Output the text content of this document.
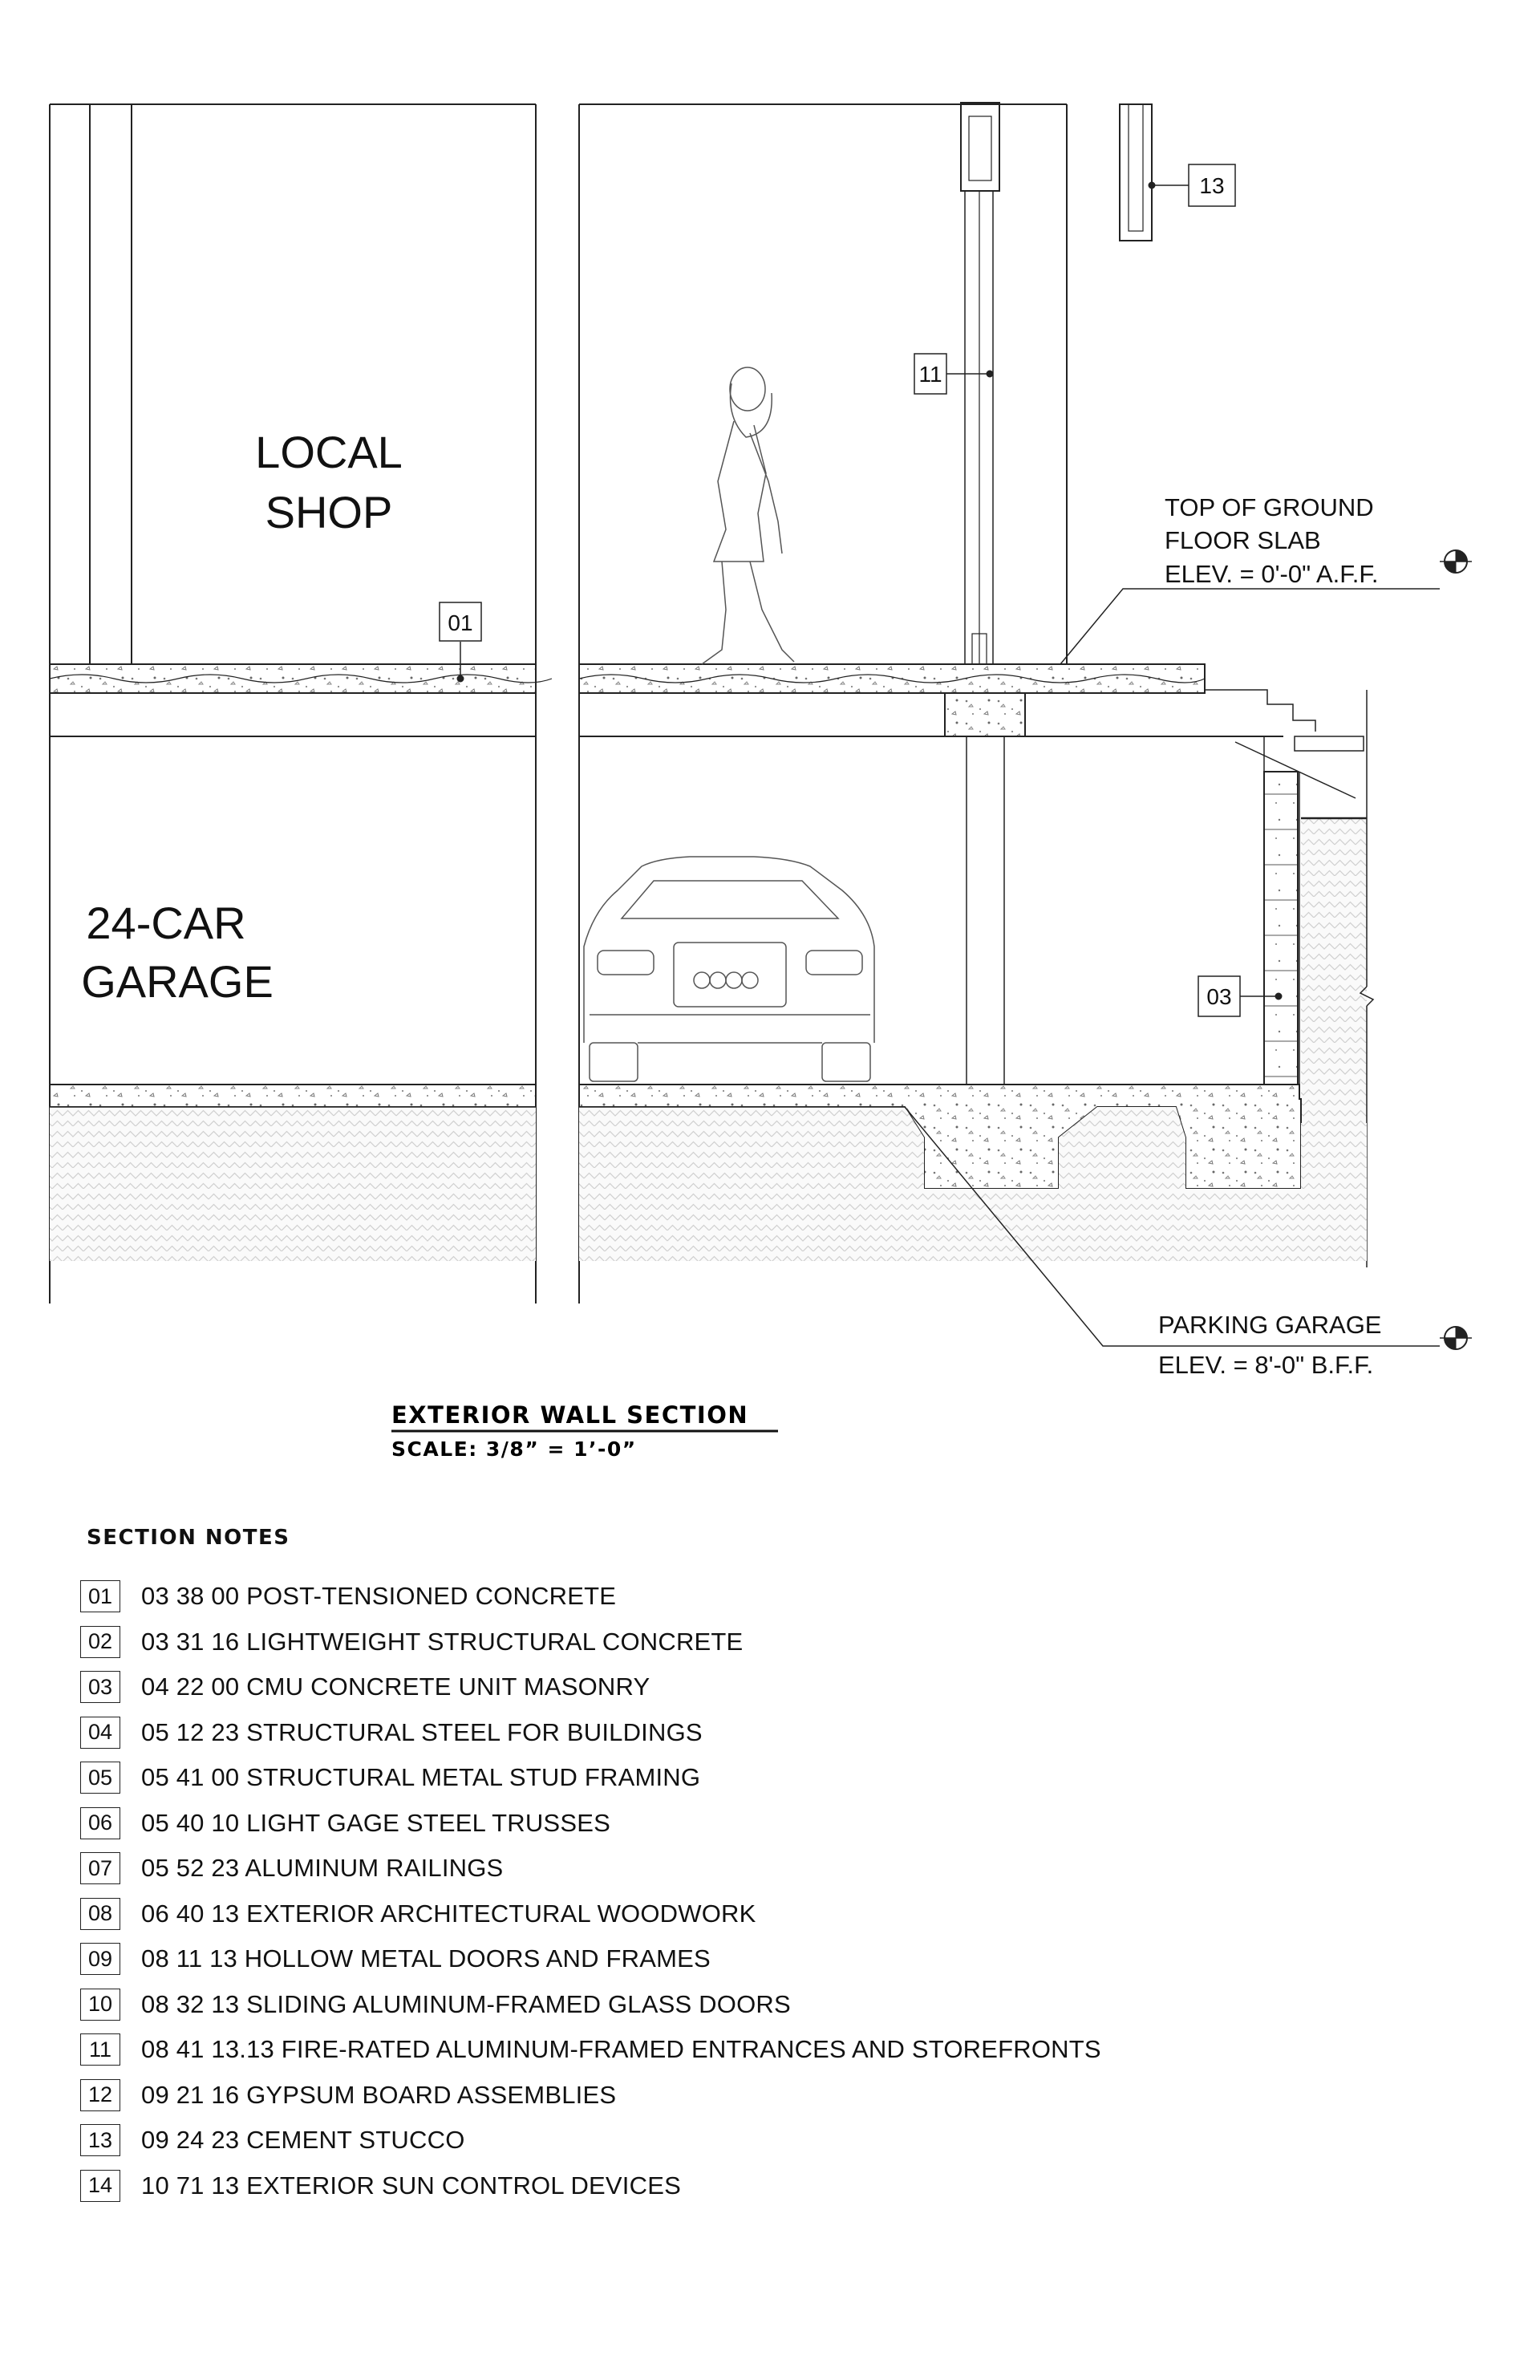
LOCAL
SHOP
24-CAR
GARAGE
01
11
13
03
TOP OF GROUND
FLOOR SLAB
ELEV. = 0'-0" A.F.F.
PARKING GARAGE
ELEV. = 8'-0" B.F.F.
EXTERIOR WALL SECTION
SCALE: 3/8” = 1’-0”
SECTION NOTES
01	03 38 00 POST-TENSIONED CONCRETE
02	03 31 16 LIGHTWEIGHT STRUCTURAL CONCRETE
03	04 22 00 CMU CONCRETE UNIT MASONRY
04	05 12 23 STRUCTURAL STEEL FOR BUILDINGS
05	05 41 00 STRUCTURAL METAL STUD FRAMING
06	05 40 10 LIGHT GAGE STEEL TRUSSES
07	05 52 23 ALUMINUM RAILINGS
08	06 40 13 EXTERIOR ARCHITECTURAL WOODWORK
09	08 11 13 HOLLOW METAL DOORS AND FRAMES
10	08 32 13 SLIDING ALUMINUM-FRAMED GLASS DOORS
11	08 41 13.13 FIRE-RATED ALUMINUM-FRAMED ENTRANCES AND STOREFRONTS
12	09 21 16 GYPSUM BOARD ASSEMBLIES
13	09 24 23 CEMENT STUCCO
14	10 71 13 EXTERIOR SUN CONTROL DEVICES
